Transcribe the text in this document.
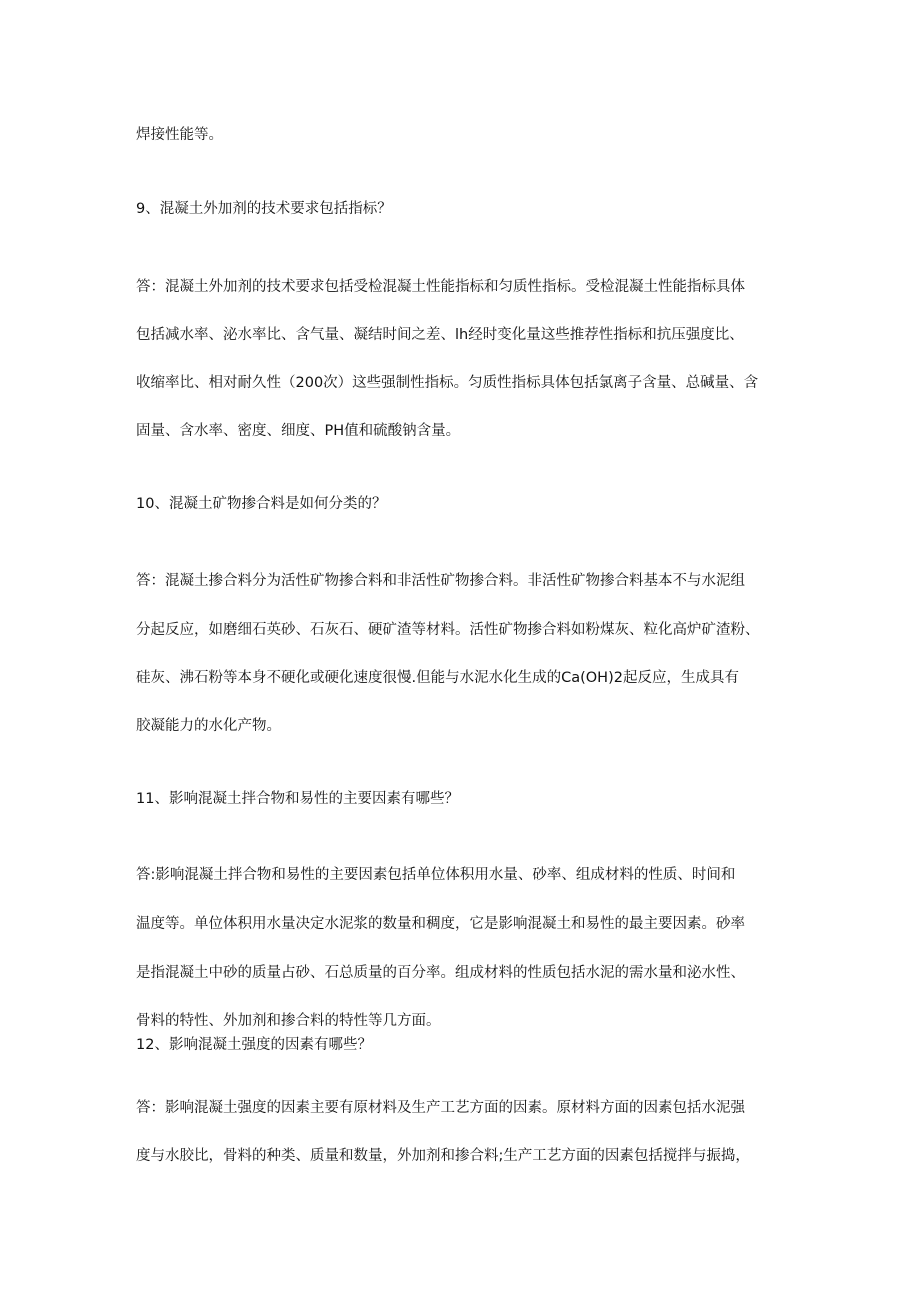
焊接性能等。
9、混凝土外加剂的技术要求包括指标？
答：混凝土外加剂的技术要求包括受检混凝土性能指标和匀质性指标。受检混凝土性能指标具体
包括减水率、泌水率比、含气量、凝结时间之差、lh经时变化量这些推荐性指标和抗压强度比、
收缩率比、相对耐久性（200次）这些强制性指标。匀质性指标具体包括氯离子含量、总碱量、含
固量、含水率、密度、细度、PH值和硫酸钠含量。
10、混凝土矿物掺合料是如何分类的？
答：混凝土掺合料分为活性矿物掺合料和非活性矿物掺合料。非活性矿物掺合料基本不与水泥组
分起反应，如磨细石英砂、石灰石、硬矿渣等材料。活性矿物掺合料如粉煤灰、粒化高炉矿渣粉、
硅灰、沸石粉等本身不硬化或硬化速度很慢.但能与水泥水化生成的Ca(OH)2起反应，生成具有
胶凝能力的水化产物。
11、影响混凝土拌合物和易性的主要因素有哪些？
答:影响混凝土拌合物和易性的主要因素包括单位体积用水量、砂率、组成材料的性质、时间和
温度等。单位体积用水量决定水泥浆的数量和稠度，它是影响混凝土和易性的最主要因素。砂率
是指混凝土中砂的质量占砂、石总质量的百分率。组成材料的性质包括水泥的需水量和泌水性、
骨料的特性、外加剂和掺合料的特性等几方面。
12、影响混凝土强度的因素有哪些？
答：影响混凝土强度的因素主要有原材料及生产工艺方面的因素。原材料方面的因素包括水泥强
度与水胶比，骨料的种类、质量和数量，外加剂和掺合料;生产工艺方面的因素包括搅拌与振捣，
